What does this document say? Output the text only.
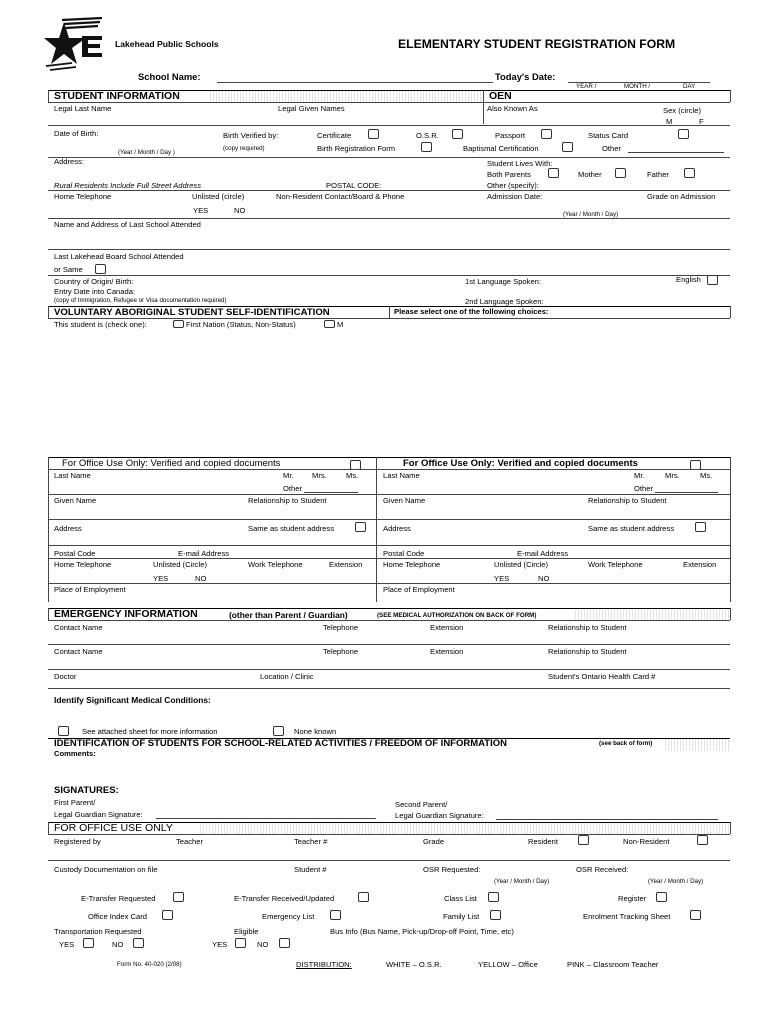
Lakehead Public Schools	ELEMENTARY STUDENT REGISTRATION FORM
School Name:	Today's Date:
YEAR /	MONTH /	DAY
STUDENT INFORMATION	OEN
Legal Last Name	Legal Given Names	Also Known As	Sex (circle)
M	F
Date of Birth:	Birth Verified by:
(copy required)
(Year / Month / Day )
Certificate	O.S.R.	Passport	Status Card
Birth Registration Form	Baptismal Certification	Other
Address:	Student Lives With:
Both Parents	Mother	Father
Rural Residents Include Full Street Address	POSTAL CODE:	Other (specify):
Home Telephone	Unlisted (circle)	Non-Resident Contact/Board & Phone	Admission Date:	Grade on Admission
YES	NO	(Year / Month / Day)
Name and Address of Last School Attended
Last Lakehead Board School Attended
or Same
Country of Origin/ Birth:	1st Language Spoken:	English
Entry Date into Canada:
(copy of Immigration, Refugee or Visa documentation required)	2nd Language Spoken:
VOLUNTARY ABORIGINAL STUDENT SELF-IDENTIFICATION	Please select one of the following choices:
This student is (check one):	First Nation (Status, Non-Status)	M
For Office Use Only: Verified and copied documents	For Office Use Only: Verified and copied documents
Last Name	Mr. Mrs.	Ms.
Other
Last Name	Mr.	Mrs.	Ms.
Other
Given Name	Relationship to Student	Given Name	Relationship to Student
Address	Same as student address	Address	Same as student address
Postal Code	E-mail Address	Postal Code	E-mail Address
Home Telephone	Unlisted (Circle)	Work Telephone	Extension	Home Telephone	Unlisted (Circle)	Work Telephone	Extension
YES	NO	YES	NO
Place of Employment	Place of Employment
EMERGENCY INFORMATION	(other than Parent / Guardian)	(SEE MEDICAL AUTHORIZATION ON BACK OF FORM)
Contact Name	Telephone	Extension	Relationship to Student
Contact Name	Telephone	Extension	Relationship to Student
Doctor	Location / Clinic	Student's Ontario Health Card #
Identify Significant Medical Conditions:
See attached sheet for more information	None known
IDENTIFICATION OF STUDENTS FOR SCHOOL-RELATED ACTIVITIES / FREEDOM OF INFORMATION	(see back of form)
Comments:
SIGNATURES:
First Parent/
Legal Guardian Signature:
Second Parent/
Legal Guardian Signature:
FOR OFFICE USE ONLY
Registered by	Teacher	Teacher #	Grade	Resident	Non-Resident
Custody Documentation on file	Student #	OSR Requested:	OSR Received:
(Year / Month / Day)	(Year / Month / Day)
E-Transfer Requested	E-Transfer Received/Updated	Class List	Register
Office Index Card	Emergency List	Family List	Enrolment Tracking Sheet
Transportation Requested	Eligible	Bus Info (Bus Name, Pick-up/Drop-off Point, Time, etc)
YES	NO	YES	NO
Form No. 40-020 (2/08)	DISTRIBUTION:	WHITE – O.S.R.	YELLOW – Office	PINK – Classroom Teacher
